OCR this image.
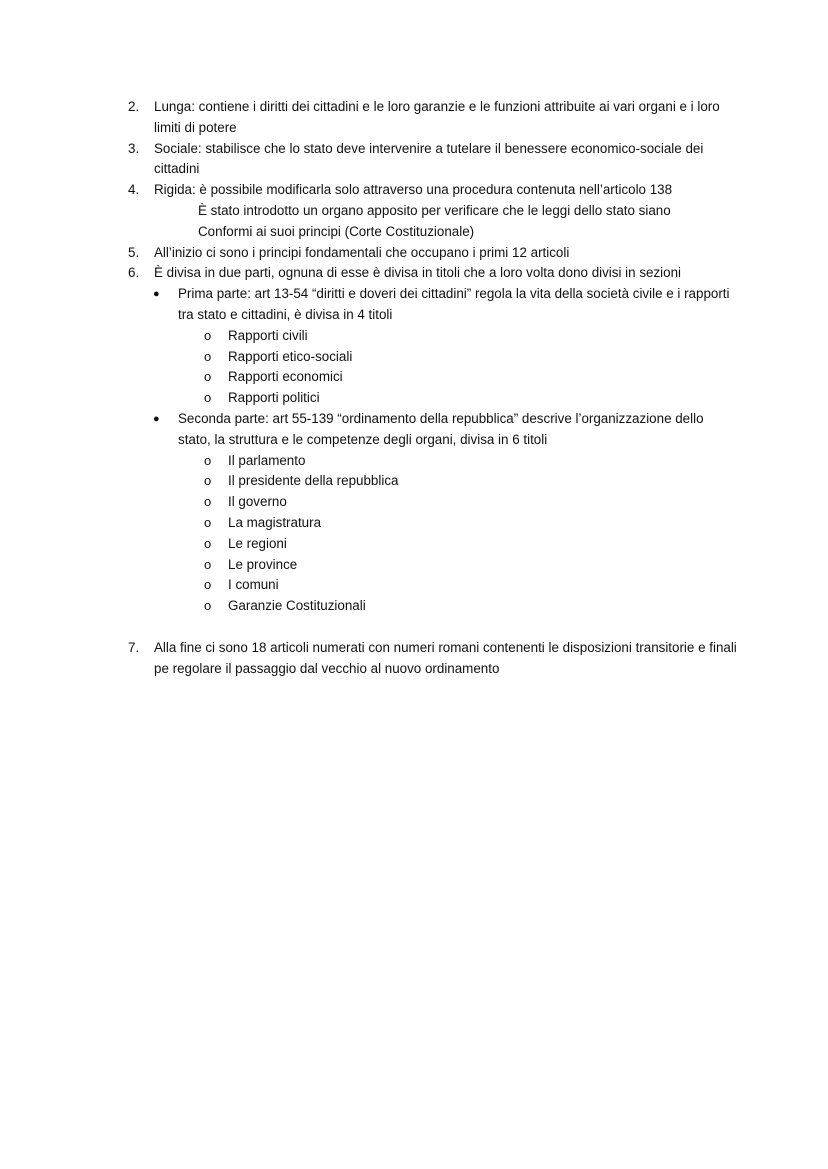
2.	Lunga: contiene i diritti dei cittadini e le loro garanzie e le funzioni attribuite ai vari organi e i loro limiti di potere
3.	Sociale: stabilisce che lo stato deve intervenire a tutelare il benessere economico-sociale dei cittadini
4.	Rigida: è possibile modificarla solo attraverso una procedura contenuta nell’articolo 138
È stato introdotto un organo apposito per verificare che le leggi dello stato siano
Conformi ai suoi principi (Corte Costituzionale)
5.	All’inizio ci sono i principi fondamentali che occupano i primi 12 articoli
6.	È divisa in due parti, ognuna di esse è divisa in titoli che a loro volta dono divisi in sezioni
● Prima parte: art 13-54 “diritti e doveri dei cittadini” regola la vita della società civile e i rapporti tra stato e cittadini, è divisa in 4 titoli
o Rapporti civili
o Rapporti etico-sociali
o Rapporti economici
o Rapporti politici
● Seconda parte: art 55-139 “ordinamento della repubblica” descrive l’organizzazione dello stato, la struttura e le competenze degli organi, divisa in 6 titoli
o Il parlamento
o Il presidente della repubblica
o Il governo
o La magistratura
o Le regioni
o Le province
o I comuni
o Garanzie Costituzionali
7.	Alla fine ci sono 18 articoli numerati con numeri romani contenenti le disposizioni transitorie e finali pe regolare il passaggio dal vecchio al nuovo ordinamento
